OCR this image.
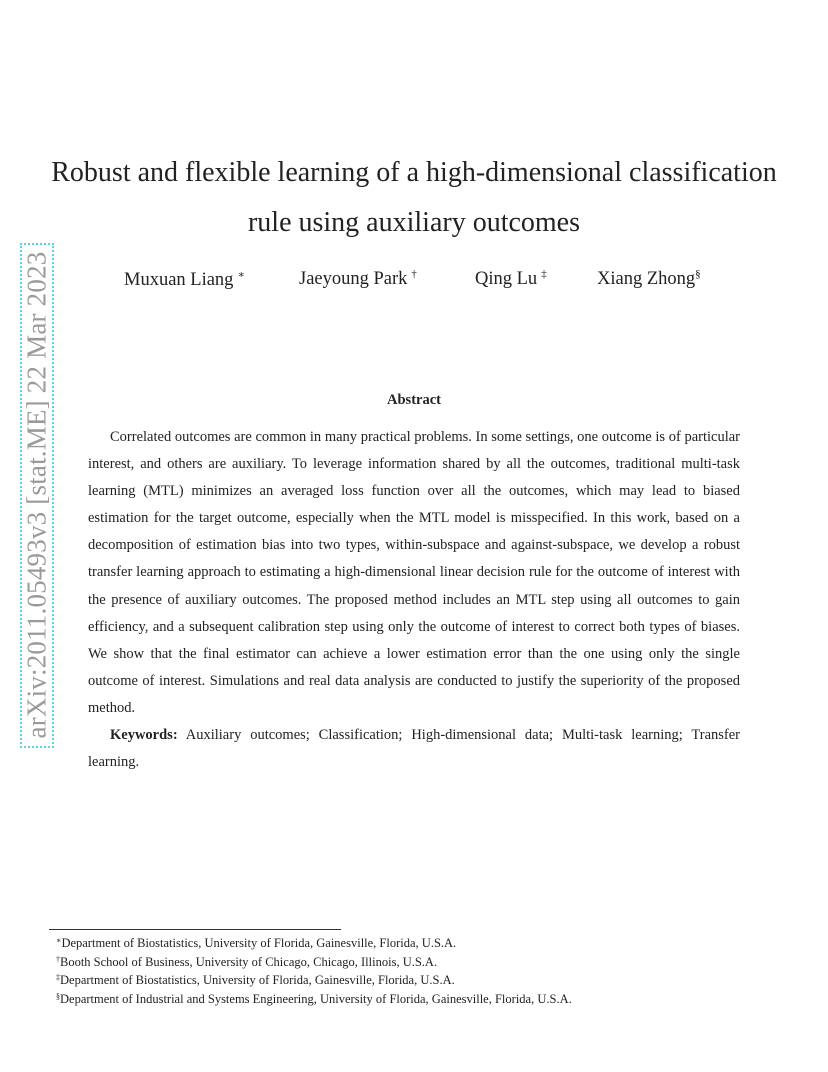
arXiv:2011.05493v3 [stat.ME] 22 Mar 2023
Robust and flexible learning of a high-dimensional classification
rule using auxiliary outcomes
Muxuan Liang ∗	Jaeyoung Park †	Qing Lu ‡	Xiang Zhong§
Abstract

Correlated outcomes are common in many practical problems. In some settings, one outcome is of particular interest, and others are auxiliary. To leverage information shared by all the outcomes, traditional multi-task learning (MTL) minimizes an averaged loss function over all the outcomes, which may lead to biased estimation for the target outcome, especially when the MTL model is misspecified. In this work, based on a decomposition of estimation bias into two types, within-subspace and against-subspace, we develop a robust transfer learning approach to estimating a high-dimensional linear decision rule for the outcome of interest with the presence of auxiliary outcomes. The proposed method includes an MTL step using all outcomes to gain efficiency, and a subsequent calibration step using only the outcome of interest to correct both types of biases. We show that the final estimator can achieve a lower estimation error than the one using only the single outcome of interest. Simulations and real data analysis are conducted to justify the superiority of the proposed method.

Keywords: Auxiliary outcomes; Classification; High-dimensional data; Multi-task learning; Transfer learning.

∗Department of Biostatistics, University of Florida, Gainesville, Florida, U.S.A.
†Booth School of Business, University of Chicago, Chicago, Illinois, U.S.A.
‡Department of Biostatistics, University of Florida, Gainesville, Florida, U.S.A.
§Department of Industrial and Systems Engineering, University of Florida, Gainesville, Florida, U.S.A.
